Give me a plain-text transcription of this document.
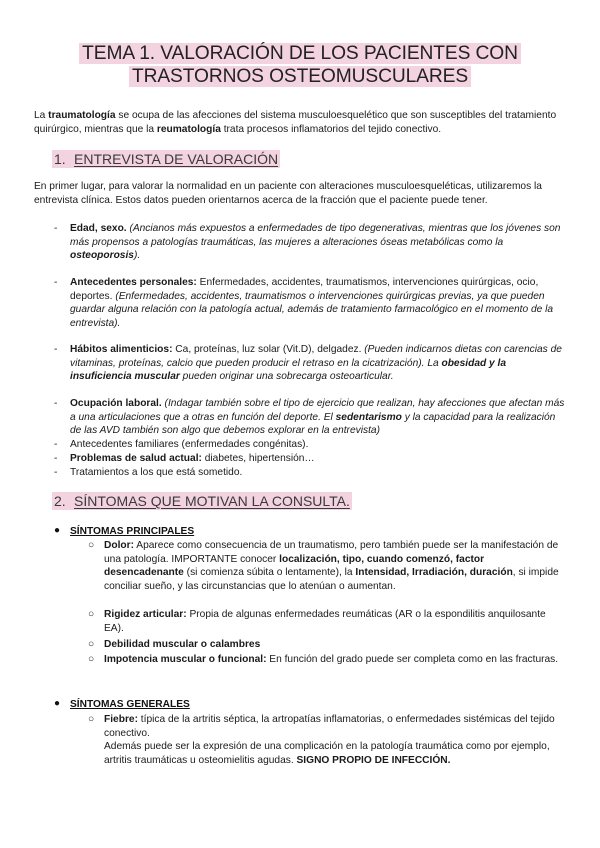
TEMA 1. VALORACIÓN DE LOS PACIENTES CON TRASTORNOS OSTEOMUSCULARES
La traumatología se ocupa de las afecciones del sistema musculoesquelético que son susceptibles del tratamiento quirúrgico, mientras que la reumatología trata procesos inflamatorios del tejido conectivo.
1. ENTREVISTA DE VALORACIÓN
En primer lugar, para valorar la normalidad en un paciente con alteraciones musculoesqueléticas, utilizaremos la entrevista clínica. Estos datos pueden orientarnos acerca de la fracción que el paciente puede tener.
- Edad, sexo. (Ancianos más expuestos a enfermedades de tipo degenerativas, mientras que los jóvenes son más propensos a patologías traumáticas, las mujeres a alteraciones óseas metabólicas como la osteoporosis).
- Antecedentes personales: Enfermedades, accidentes, traumatismos, intervenciones quirúrgicas, ocio, deportes. (Enfermedades, accidentes, traumatismos o intervenciones quirúrgicas previas, ya que pueden guardar alguna relación con la patología actual, además de tratamiento farmacológico en el momento de la entrevista).
- Hábitos alimenticios: Ca, proteínas, luz solar (Vit.D), delgadez. (Pueden indicarnos dietas con carencias de vitaminas, proteínas, calcio que pueden producir el retraso en la cicatrización). La obesidad y la insuficiencia muscular pueden originar una sobrecarga osteoarticular.
- Ocupación laboral. (Indagar también sobre el tipo de ejercicio que realizan, hay afecciones que afectan más a una articulaciones que a otras en función del deporte. El sedentarismo y la capacidad para la realización de las AVD también son algo que debemos explorar en la entrevista)
- Antecedentes familiares (enfermedades congénitas).
- Problemas de salud actual: diabetes, hipertensión…
- Tratamientos a los que está sometido.
2. SÍNTOMAS QUE MOTIVAN LA CONSULTA.
● SÍNTOMAS PRINCIPALES
○ Dolor: Aparece como consecuencia de un traumatismo, pero también puede ser la manifestación de una patología. IMPORTANTE conocer localización, tipo, cuando comenzó, factor desencadenante (si comienza súbita o lentamente), la Intensidad, Irradiación, duración, si impide conciliar sueño, y las circunstancias que lo atenúan o aumentan.
○ Rigidez articular: Propia de algunas enfermedades reumáticas (AR o la espondilitis anquilosante EA).
○ Debilidad muscular o calambres
○ Impotencia muscular o funcional: En función del grado puede ser completa como en las fracturas.
● SÍNTOMAS GENERALES
○ Fiebre: típica de la artritis séptica, la artropatías inflamatorias, o enfermedades sistémicas del tejido conectivo.
Además puede ser la expresión de una complicación en la patología traumática como por ejemplo, artritis traumáticas u osteomielitis agudas. SIGNO PROPIO DE INFECCIÓN.
